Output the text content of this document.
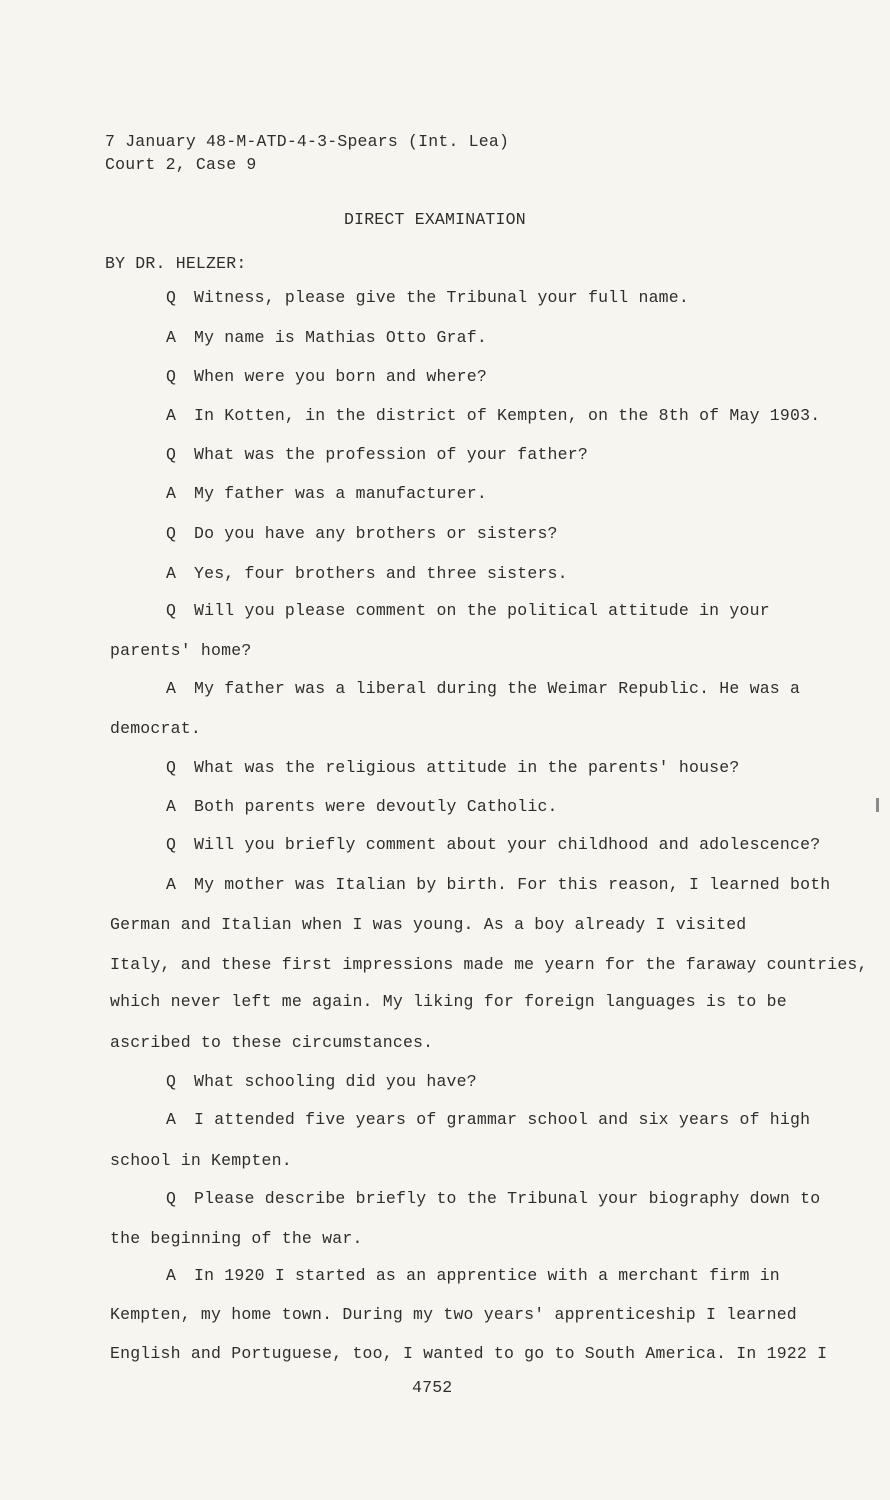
7 January 48-M-ATD-4-3-Spears (Int. Lea)
Court 2, Case 9
DIRECT EXAMINATION
BY DR. HELZER:
Q Witness, please give the Tribunal your full name.
A My name is Mathias Otto Graf.
Q When were you born and where?
A In Kotten, in the district of Kempten, on the 8th of May 1903.
Q What was the profession of your father?
A My father was a manufacturer.
Q Do you have any brothers or sisters?
A Yes, four brothers and three sisters.
Q Will you please comment on the political attitude in your
parents' home?
A My father was a liberal during the Weimar Republic. He was a
democrat.
Q What was the religious attitude in the parents' house?
A Both parents were devoutly Catholic.
Q Will you briefly comment about your childhood and adolescence?
A My mother was Italian by birth. For this reason, I learned both
German and Italian when I was young. As a boy already I visited
Italy, and these first impressions made me yearn for the faraway countries,
which never left me again. My liking for foreign languages is to be
ascribed to these circumstances.
Q What schooling did you have?
A I attended five years of grammar school and six years of high
school in Kempten.
Q Please describe briefly to the Tribunal your biography down to
the beginning of the war.
A In 1920 I started as an apprentice with a merchant firm in
Kempten, my home town. During my two years' apprenticeship I learned
English and Portuguese, too, I wanted to go to South America. In 1922 I
4752
